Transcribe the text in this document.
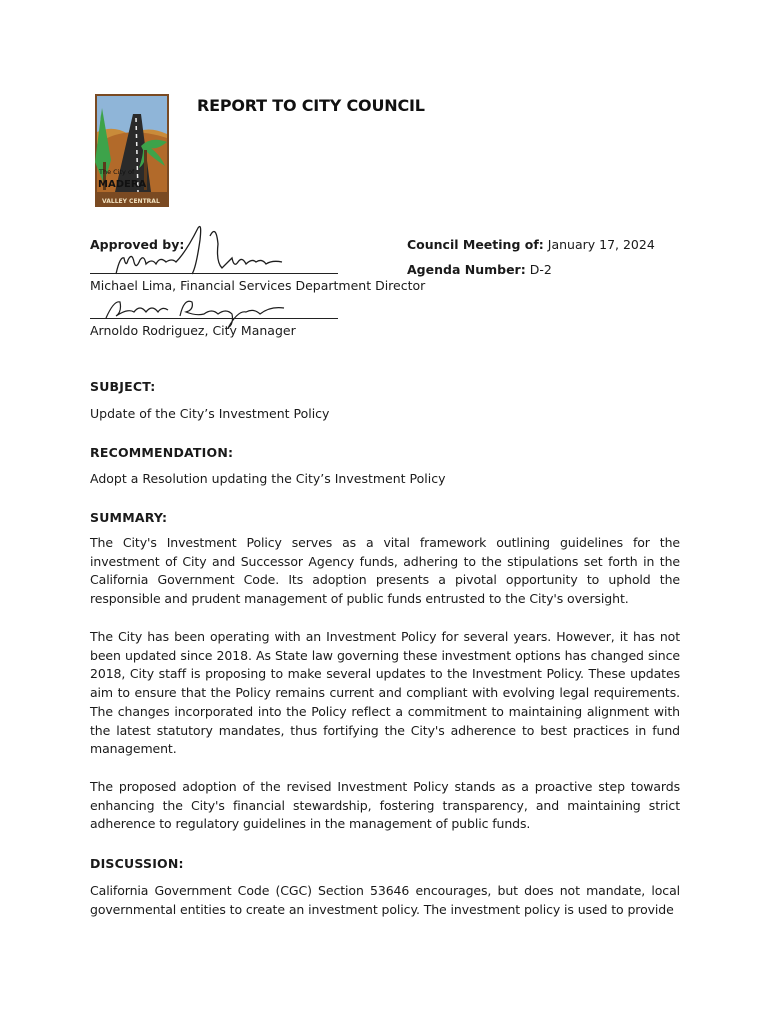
The City of
MADERA
VALLEY CENTRAL
REPORT TO CITY COUNCIL
Approved by:
Michael Lima, Financial Services Department Director
Arnoldo Rodriguez, City Manager
Council Meeting of: January 17, 2024
Agenda Number: D-2
SUBJECT:
Update of the City’s Investment Policy
RECOMMENDATION:
Adopt a Resolution updating the City’s Investment Policy
SUMMARY:
The City's Investment Policy serves as a vital framework outlining guidelines for the investment of City and Successor Agency funds, adhering to the stipulations set forth in the California Government Code. Its adoption presents a pivotal opportunity to uphold the responsible and prudent management of public funds entrusted to the City's oversight.
The City has been operating with an Investment Policy for several years. However, it has not been updated since 2018. As State law governing these investment options has changed since 2018, City staff is proposing to make several updates to the Investment Policy. These updates aim to ensure that the Policy remains current and compliant with evolving legal requirements. The changes incorporated into the Policy reflect a commitment to maintaining alignment with the latest statutory mandates, thus fortifying the City's adherence to best practices in fund management.
The proposed adoption of the revised Investment Policy stands as a proactive step towards enhancing the City's financial stewardship, fostering transparency, and maintaining strict adherence to regulatory guidelines in the management of public funds.
DISCUSSION:
California Government Code (CGC) Section 53646 encourages, but does not mandate, local governmental entities to create an investment policy. The investment policy is used to provide
